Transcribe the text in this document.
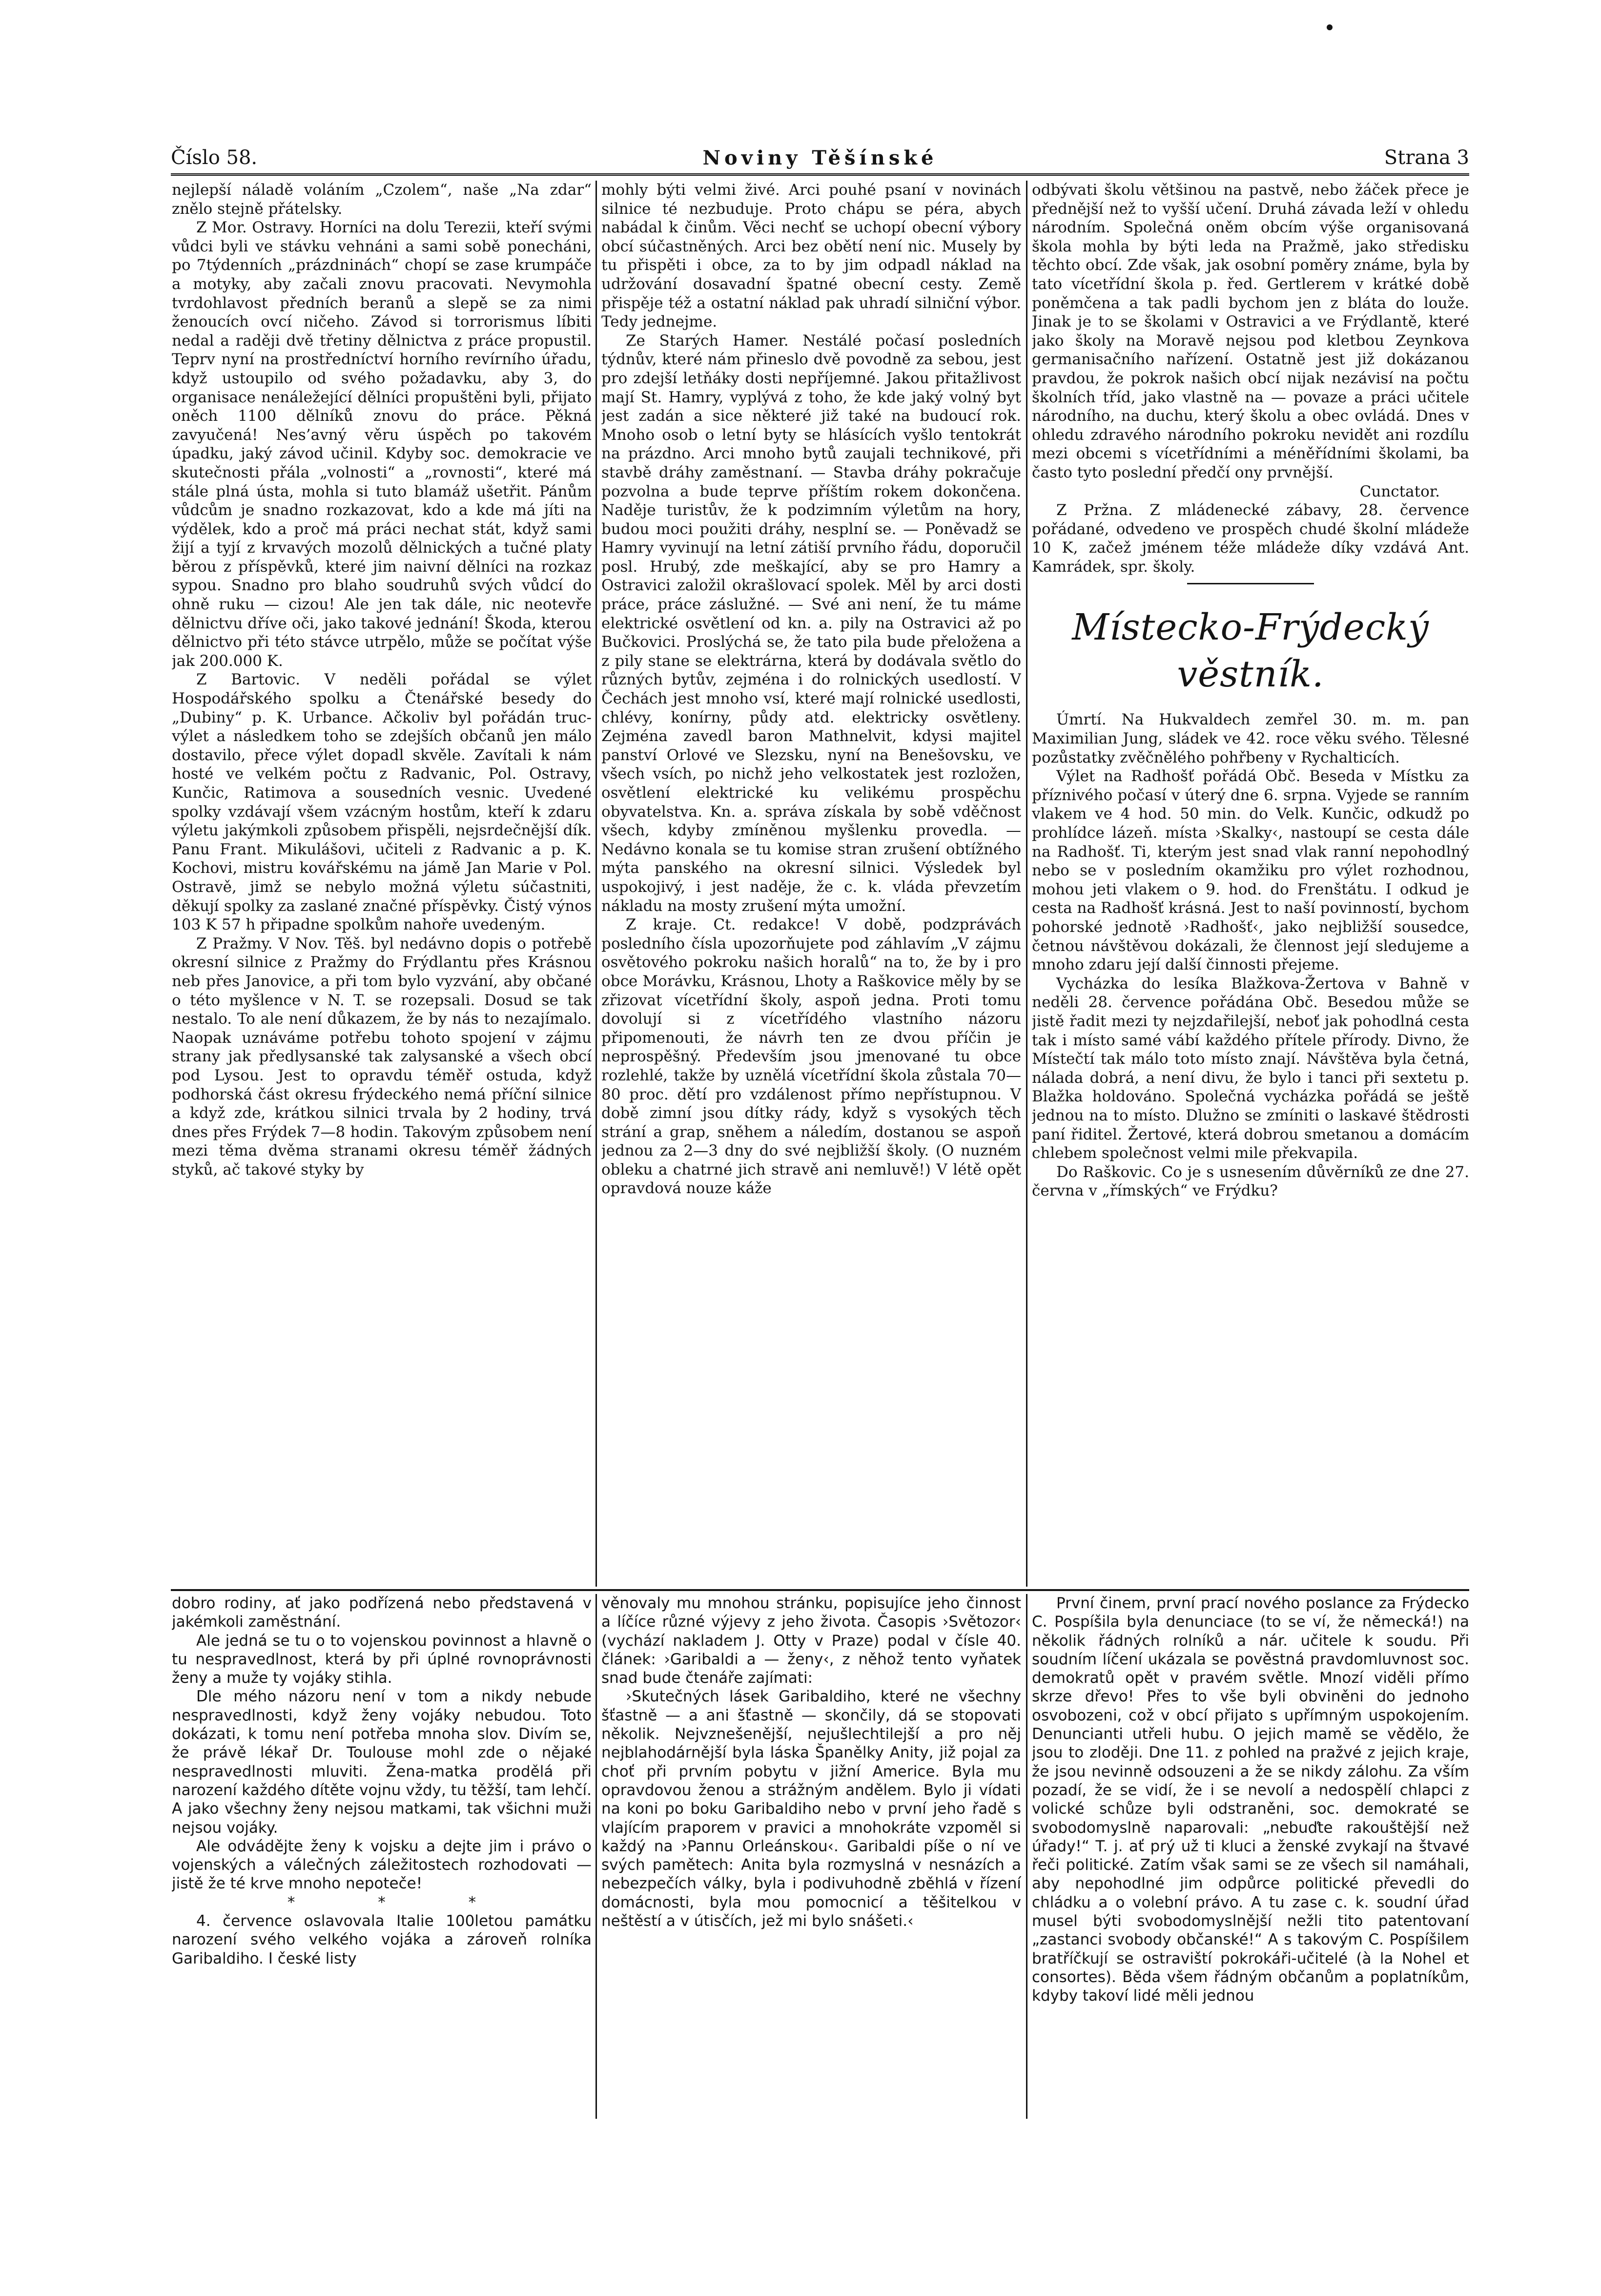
Číslo 58.	Noviny Těšínské	Strana 3

nejlepší náladě voláním „Czolem“, naše „Na zdar“ znělo stejně přátelsky.

Z Mor. Ostravy. Horníci na dolu Terezii, kteří svými vůdci byli ve stávku vehnáni a sami sobě ponecháni, po 7týdenních „prázdninách“ chopí se zase krumpáče a motyky, aby začali znovu pracovati. Nevymohla tvrdohlavost předních beranů a slepě se za nimi ženoucích ovcí ničeho. Závod si torrorismus líbiti nedal a raději dvě třetiny dělnictva z práce propustil. Teprv nyní na prostředníctví horního revírního úřadu, když ustoupilo od svého požadavku, aby 3, do organisace nenáležející dělníci propuštěni byli, přijato oněch 1100 dělníků znovu do práce. Pěkná zavyučená! Nes’avný věru úspěch po takovém úpadku, jaký závod učinil. Kdyby soc. demokracie ve skutečnosti přála „volnosti“ a „rovnosti“, které má stále plná ústa, mohla si tuto blamáž ušetřit. Pánům vůdcům je snadno rozkazovat, kdo a kde má jíti na výdělek, kdo a proč má práci nechat stát, když sami žijí a tyjí z krvavých mozolů dělnických a tučné platy běrou z příspěvků, které jim naivní dělníci na rozkaz sypou. Snadno pro blaho soudruhů svých vůdcí do ohně ruku — cizou! Ale jen tak dále, nic neotevře dělnictvu dříve oči, jako takové jednání! Škoda, kterou dělnictvo při této stávce utrpělo, může se počítat výše jak 200.000 K.

Z Bartovic. V neděli pořádal se výlet Hospodářského spolku a Čtenářské besedy do „Dubiny“ p. K. Urbance. Ačkoliv byl pořádán truc-výlet a následkem toho se zdejších občanů jen málo dostavilo, přece výlet dopadl skvěle. Zavítali k nám hosté ve velkém počtu z Radvanic, Pol. Ostravy, Kunčic, Ratimova a sousedních vesnic. Uvedené spolky vzdávají všem vzácným hostům, kteří k zdaru výletu jakýmkoli způsobem přispěli, nejsrdečnější dík. Panu Frant. Mikulášovi, učiteli z Radvanic a p. K. Kochovi, mistru kovářskému na jámě Jan Marie v Pol. Ostravě, jimž se nebylo možná výletu súčastniti, děkují spolky za zaslané značné příspěvky. Čistý výnos 103 K 57 h připadne spolkům nahoře uvedeným.

Z Pražmy. V Nov. Těš. byl nedávno dopis o potřebě okresní silnice z Pražmy do Frýdlantu přes Krásnou neb přes Janovice, a při tom bylo vyzvání, aby občané o této myšlence v N. T. se rozepsali. Dosud se tak nestalo. To ale není důkazem, že by nás to nezajímalo. Naopak uznáváme potřebu tohoto spojení v zájmu strany jak předlysanské tak zalysanské a všech obcí pod Lysou. Jest to opravdu téměř ostuda, když podhorská část okresu frýdeckého nemá příční silnice a když zde, krátkou silnici trvala by 2 hodiny, trvá dnes přes Frýdek 7—8 hodin. Takovým způsobem není mezi těma dvěma stranami okresu téměř žádných styků, ač takové styky by

mohly býti velmi živé. Arci pouhé psaní v novinách silnice té nezbuduje. Proto chápu se péra, abych nabádal k činům. Věci nechť se uchopí obecní výbory obcí súčastněných. Arci bez obětí není nic. Musely by tu přispěti i obce, za to by jim odpadl náklad na udržování dosavadní špatné obecní cesty. Země přispěje též a ostatní náklad pak uhradí silniční výbor. Tedy jednejme.

Ze Starých Hamer. Nestálé počasí posledních týdnův, které nám přineslo dvě povodně za sebou, jest pro zdejší letňáky dosti nepříjemné. Jakou přitažlivost mají St. Hamry, vyplývá z toho, že kde jaký volný byt jest zadán a sice některé již také na budoucí rok. Mnoho osob o letní byty se hlásících vyšlo tentokrát na prázdno. Arci mnoho bytů zaujali technikové, při stavbě dráhy zaměstnaní. — Stavba dráhy pokračuje pozvolna a bude teprve příštím rokem dokončena. Naděje turistův, že k podzimním výletům na hory, budou moci použiti dráhy, nesplní se. — Poněvadž se Hamry vyvinují na letní zátiší prvního řádu, doporučil posl. Hrubý, zde meškající, aby se pro Hamry a Ostravici založil okrašlovací spolek. Měl by arci dosti práce, práce záslužné. — Své ani není, že tu máme elektrické osvětlení od kn. a. pily na Ostravici až po Bučkovici. Proslýchá se, že tato pila bude přeložena a z pily stane se elektrárna, která by dodávala světlo do různých bytův, zejména i do rolnických usedlostí. V Čechách jest mnoho vsí, které mají rolnické usedlosti, chlévy, konírny, půdy atd. elektricky osvětleny. Zejména zavedl baron Mathnelvit, kdysi majitel panství Orlové ve Slezsku, nyní na Benešovsku, ve všech vsích, po nichž jeho velkostatek jest rozložen, osvětlení elektrické ku velikému prospěchu obyvatelstva. Kn. a. správa získala by sobě vděčnost všech, kdyby zmíněnou myšlenku provedla. — Nedávno konala se tu komise stran zrušení obtížného mýta panského na okresní silnici. Výsledek byl uspokojivý, i jest naděje, že c. k. vláda převzetím nákladu na mosty zrušení mýta umožní.

Z kraje. Ct. redakce! V době, podzprávách posledního čísla upozorňujete pod záhlavím „V zájmu osvětového pokroku našich horalů“ na to, že by i pro obce Morávku, Krásnou, Lhoty a Raškovice měly by se zřizovat vícetřídní školy, aspoň jedna. Proti tomu dovolují si z vícetřídého vlastního názoru připomenouti, že návrh ten ze dvou příčin je neprospěšný. Především jsou jmenované tu obce rozlehlé, takže by uznělá vícetřídní škola zůstala 70—80 proc. dětí pro vzdálenost přímo nepřístupnou. V době zimní jsou dítky rády, když s vysokých těch strání a grap, sněhem a náledím, dostanou se aspoň jednou za 2—3 dny do své nejbližší školy. (O nuzném obleku a chatrné jich stravě ani nemluvě!) V létě opět opravdová nouze káže

odbývati školu většinou na pastvě, nebo žáček přece je přednější než to vyšší učení. Druhá závada leží v ohledu národním. Společná oněm obcím výše organisovaná škola mohla by býti leda na Pražmě, jako středisku těchto obcí. Zde však, jak osobní poměry známe, byla by tato vícetřídní škola p. řed. Gertlerem v krátké době poněmčena a tak padli bychom jen z bláta do louže. Jinak je to se školami v Ostravici a ve Frýdlantě, které jako školy na Moravě nejsou pod kletbou Zeynkova germanisačního nařízení. Ostatně jest již dokázanou pravdou, že pokrok našich obcí nijak nezávisí na počtu školních tříd, jako vlastně na — povaze a práci učitele národního, na duchu, který školu a obec ovládá. Dnes v ohledu zdravého národního pokroku nevidět ani rozdílu mezi obcemi s vícetřídními a méněřídními školami, ba často tyto poslední předčí ony prvnější.

Cunctator.

Z Pržna. Z mládenecké zábavy, 28. července pořádané, odvedeno ve prospěch chudé školní mládeže 10 K, začež jménem téže mládeže díky vzdává Ant. Kamrádek, spr. školy.

Místecko-Frýdecký věstník.

Úmrtí. Na Hukvaldech zemřel 30. m. m. pan Maximilian Jung, sládek ve 42. roce věku svého. Tělesné pozůstatky zvěčnělého pohřbeny v Rychalticích.

Výlet na Radhošť pořádá Obč. Beseda v Místku za příznivého počasí v úterý dne 6. srpna. Vyjede se ranním vlakem ve 4 hod. 50 min. do Velk. Kunčic, odkudž po prohlídce lázeň. místa ›Skalky‹, nastoupí se cesta dále na Radhošť. Ti, kterým jest snad vlak ranní nepohodlný nebo se v posledním okamžiku pro výlet rozhodnou, mohou jeti vlakem o 9. hod. do Frenštátu. I odkud je cesta na Radhošť krásná. Jest to naší povinností, bychom pohorské jednotě ›Radhošť‹, jako nejbližší sousedce, četnou návštěvou dokázali, že člennost její sledujeme a mnoho zdaru její další činnosti přejeme.

Vycházka do lesíka Blažkova-Žertova v Bahně v neděli 28. července pořádána Obč. Besedou může se jistě řadit mezi ty nejzdařilejší, neboť jak pohodlná cesta tak i místo samé vábí každého přítele přírody. Divno, že Místečtí tak málo toto místo znají. Návštěva byla četná, nálada dobrá, a není divu, že bylo i tanci při sextetu p. Blažka holdováno. Společná vycházka pořádá se ještě jednou na to místo. Dlužno se zmíniti o laskavé štědrosti paní řiditel. Žertové, která dobrou smetanou a domácím chlebem společnost velmi mile překvapila.

Do Raškovic. Co je s usnesením důvěrníků ze dne 27. června v „římských“ ve Frýdku?

dobro rodiny, ať jako podřízená nebo představená v jakémkoli zaměstnání.

Ale jedná se tu o to vojenskou povinnost a hlavně o tu nespravedlnost, která by při úplné rovnoprávnosti ženy a muže ty vojáky stihla.

Dle mého názoru není v tom a nikdy nebude nespravedlnosti, když ženy vojáky nebudou. Toto dokázati, k tomu není potřeba mnoha slov. Divím se, že právě lékař Dr. Toulouse mohl zde o nějaké nespravedlnosti mluviti. Žena-matka prodělá při narození každého dítěte vojnu vždy, tu těžší, tam lehčí. A jako všechny ženy nejsou matkami, tak všichni muži nejsou vojáky.

Ale odvádějte ženy k vojsku a dejte jim i právo o vojenských a válečných záležitostech rozhodovati — jistě že té krve mnoho nepoteče!

* * *

4. července oslavovala Italie 100letou památku narození svého velkého vojáka a zároveň rolníka Garibaldiho. I české listy

věnovaly mu mnohou stránku, popisujíce jeho činnost a líčíce různé výjevy z jeho života. Časopis ›Světozor‹ (vychází nakladem J. Otty v Praze) podal v čísle 40. článek: ›Garibaldi a — ženy‹, z něhož tento vyňatek snad bude čtenáře zajímati:

›Skutečných lásek Garibaldiho, které ne všechny šťastně — a ani šťastně — skončily, dá se stopovati několik. Nejvznešenější, nejušlechtilejší a pro něj nejblahodárnější byla láska Španělky Anity, již pojal za choť při prvním pobytu v jižní Americe. Byla mu opravdovou ženou a strážným andělem. Bylo ji vídati na koni po boku Garibaldiho nebo v první jeho řadě s vlajícím praporem v pravici a mnohokráte vzpoměl si každý na ›Pannu Orleánskou‹. Garibaldi píše o ní ve svých pamětech: Anita byla rozmyslná v nesnázích a nebezpečích války, byla i podivuhodně zběhlá v řízení domácnosti, byla mou pomocnicí a těšitelkou v neštěstí a v útisčích, jež mi bylo snášeti.‹

První činem, první prací nového poslance za Frýdecko C. Pospíšila byla denunciace (to se ví, že německá!) na několik řádných rolníků a nár. učitele k soudu. Při soudním líčení ukázala se pověstná pravdomluvnost soc. demokratů opět v pravém světle. Mnozí viděli přímo skrze dřevo! Přes to vše byli obviněni do jednoho osvobozeni, což v obcí přijato s upřímným uspokojením. Denuncianti utřeli hubu. O jejich mamě se vědělo, že jsou to zloději. Dne 11. z pohled na pražvé z jejich kraje, že jsou nevinně odsouzeni a že se nikdy zálohu. Za vším pozadí, že se vidí, že i se nevolí a nedospělí chlapci z volické schůze byli odstraněni, soc. demokraté se svobodomyslně naparovali: „nebuďte rakouštější než úřady!“ T. j. ať prý už ti kluci a ženské zvykají na štvavé řeči politické. Zatím však sami se ze všech sil namáhali, aby nepohodlné jim odpůrce politické převedli do chládku a o volební právo. A tu zase c. k. soudní úřad musel býti svobodomyslnější nežli tito patentovaní „zastanci svobody občanské!“ A s takovým C. Pospíšilem bratříčkují se ostraviští pokrokáři-učitelé (à la Nohel et consortes). Běda všem řádným občanům a poplatníkům, kdyby takoví lidé měli jednou
